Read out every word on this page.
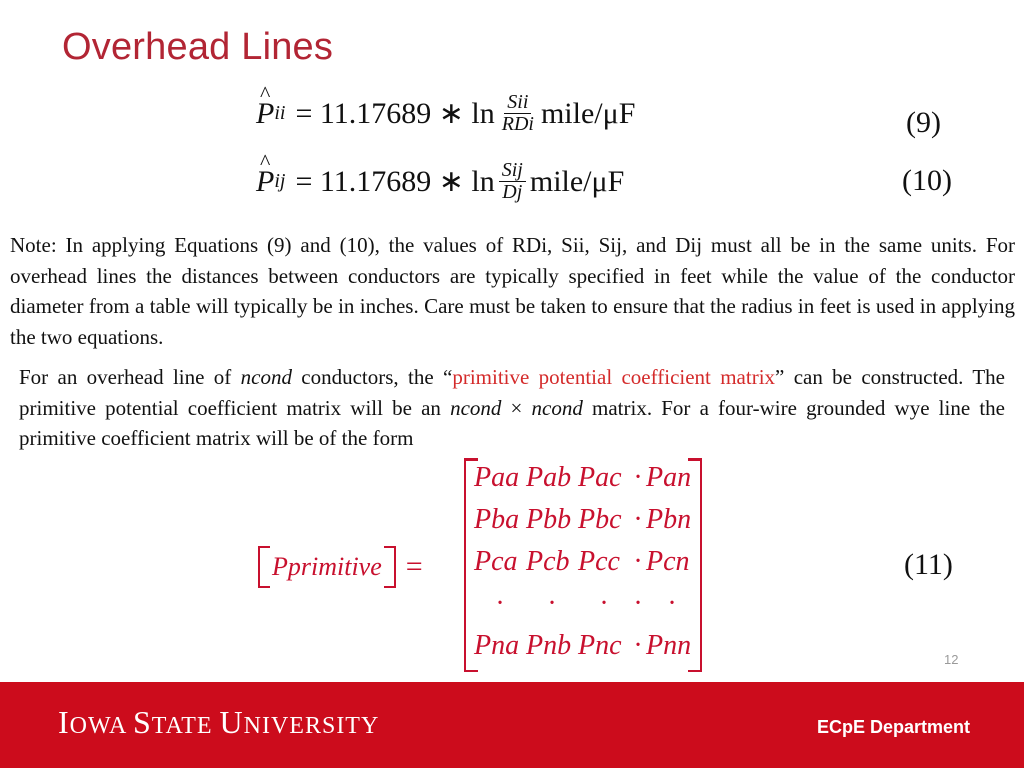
Overhead Lines
^ P ii = 11.17689 ∗ $\ln \frac{\text{Sii}}{\text{RDi}}$ mile/μF	(9)
^ P ij = 11.17689 ∗ $\ln \frac{\text{Sij}}{Dj}$ mile/μF	(10)
Note: In applying Equations (9) and (10), the values of RDi, Sii, Sij, and Dij must all be in the same units. For overhead lines the distances between conductors are typically specified in feet while the value of the conductor diameter from a table will typically be in inches. Care must be taken to ensure that the radius in feet is used in applying the two equations.
For an overhead line of ncond conductors, the “primitive potential coefficient matrix” can be constructed. The primitive potential coefficient matrix will be an ncond × ncond matrix. For a four-wire grounded wye line the primitive coefficient matrix will be of the form
Pprimitive =
Paa Pab Pac · Pan
Pba Pbb Pbc · Pbn
Pca Pcb Pcc · Pcn
· · · · ·
Pna Pnb Pnc · Pnn
(11)
12
IOWA STATE UNIVERSITY	ECpE Department
